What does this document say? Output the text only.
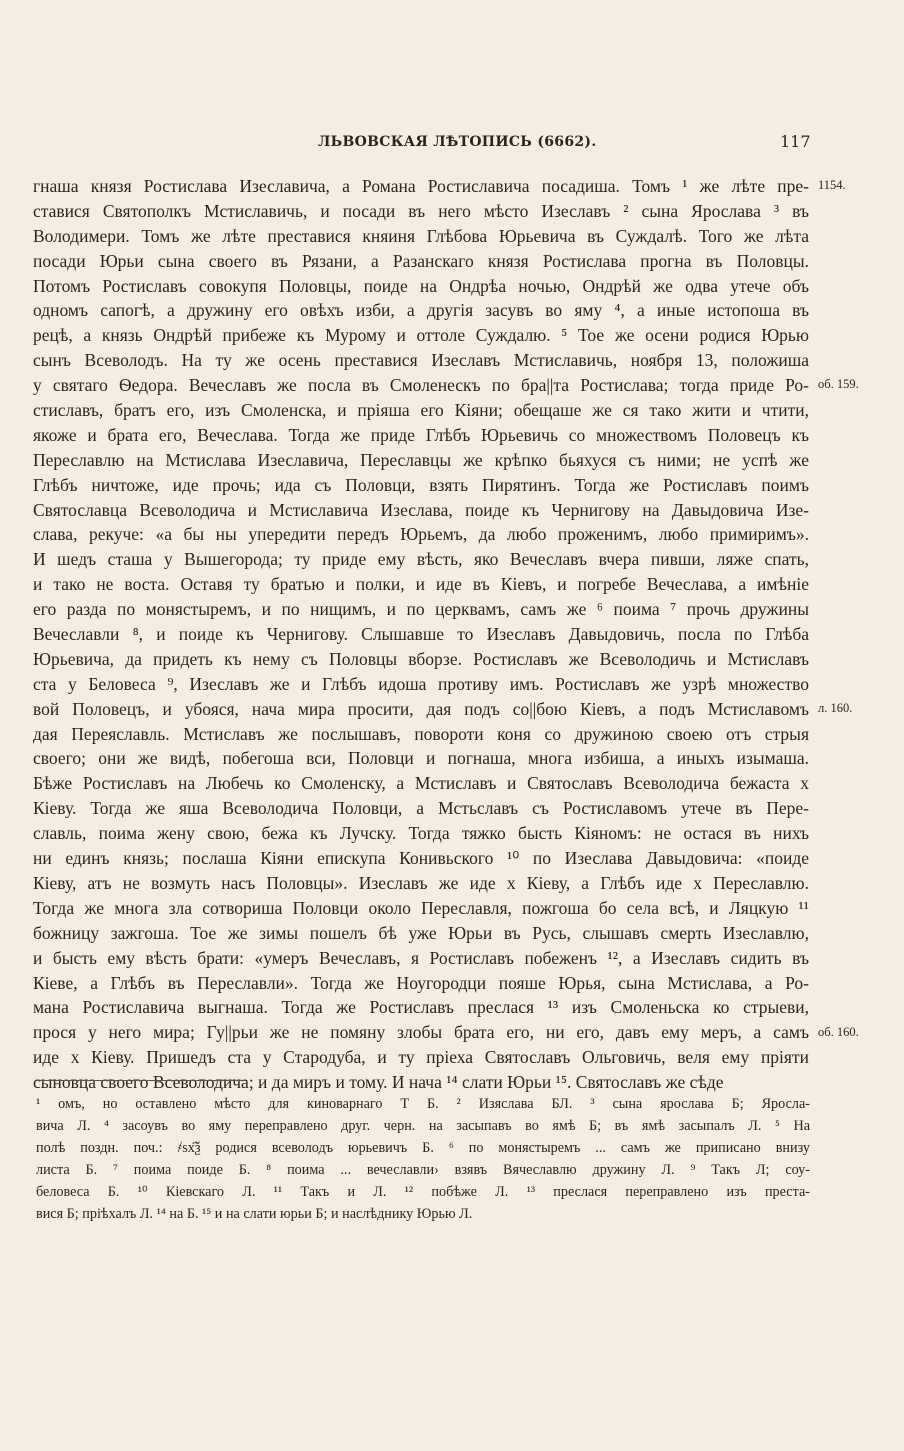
ЛЬВОВСКАЯ ЛѢТОПИСЬ (6662).	117
гнаша князя Ростислава Изеславича, а Романа Ростиславича посадиша. Томъ ¹ же лѣте пре-
ставися Святополкъ Мстиславичь, и посади въ него мѣсто Изеславъ ² сына Ярослава ³ въ
Володимери. Томъ же лѣте преставися княиня Глѣбова Юрьевича въ Суждалѣ. Того же лѣта
посади Юрьи сына своего въ Рязани, а Разанскаго князя Ростислава прогна въ Половцы.
Потомъ Ростиславъ совокупя Половцы, поиде на Ондрѣа ночью, Ондрѣй же одва утече объ
одномъ сапогѣ, а дружину его овѣхъ изби, а другія засувъ во яму ⁴, а иные истопоша въ
рецѣ, а князь Ондрѣй прибеже къ Мурому и оттоле Суждалю. ⁵ Тое же осени родися Юрью
сынъ Всеволодъ. На ту же осень преставися Изеславъ Мстиславичь, ноября 13, положиша
у святаго Ѳедора. Вечеславъ же посла въ Смоленескъ по бра||та Ростислава; тогда приде Ро-
стиславъ, братъ его, изъ Смоленска, и пріяша его Кіяни; обещаше же ся тако жити и чтити,
якоже и брата его, Вечеслава. Тогда же приде Глѣбъ Юрьевичь со множествомъ Половецъ къ
Переславлю на Мстислава Изеславича, Переславцы же крѣпко бьяхуся съ ними; не успѣ же
Глѣбъ ничтоже, иде прочь; ида съ Половци, взять Пирятинъ. Тогда же Ростиславъ поимъ
Святославца Всеволодича и Мстиславича Изеслава, поиде къ Чернигову на Давыдовича Изе-
слава, рекуче: «а бы ны упередити передъ Юрьемъ, да любо проженимъ, любо примиримъ».
И шедъ сташа у Вышегорода; ту приде ему вѣсть, яко Вечеславъ вчера пивши, ляже спать,
и тако не воста. Оставя ту братью и полки, и иде въ Кіевъ, и погребе Вечеслава, а имѣніе
его разда по монястыремъ, и по нищимъ, и по церквамъ, самъ же ⁶ поима ⁷ прочь дружины
Вечеславли ⁸, и поиде къ Чернигову. Слышавше то Изеславъ Давыдовичь, посла по Глѣба
Юрьевича, да придеть къ нему съ Половцы вборзе. Ростиславъ же Всеволодичь и Мстиславъ
ста у Беловеса ⁹, Изеславъ же и Глѣбъ идоша противу имъ. Ростиславъ же узрѣ множество
вой Половецъ, и убояся, нача мира просити, дая подъ со||бою Кіевъ, а подъ Мстиславомъ
дая Переяславль. Мстиславъ же послышавъ, повороти коня со дружиною своею отъ стрыя
своего; они же видѣ, побегоша вси, Половци и погнаша, многа избиша, а иныхъ изымаша.
Бѣже Ростиславъ на Любечь ко Смоленску, а Мстиславъ и Святославъ Всеволодича бежаста х
Кіеву. Тогда же яша Всеволодича Половци, а Мстьславъ съ Ростиславомъ утече въ Пере-
славль, поима жену свою, бежа къ Лучску. Тогда тяжко бысть Кіяномъ: не остася въ нихъ
ни единъ князь; послаша Кіяни епискупа Конивьского ¹⁰ по Изеслава Давыдовича: «поиде
Кіеву, атъ не возмуть насъ Половцы». Изеславъ же иде х Кіеву, а Глѣбъ иде х Переславлю.
Тогда же многа зла сотвориша Половци около Переславля, пожгоша бо села всѣ, и Ляцкую ¹¹
божницу зажгоша. Тое же зимы пошелъ бѣ уже Юрьи въ Русь, слышавъ смерть Изеславлю,
и бысть ему вѣсть брати: «умеръ Вечеславъ, я Ростиславъ побеженъ ¹², а Изеславъ сидить въ
Кіеве, а Глѣбъ въ Переславли». Тогда же Ноугородци пояше Юрья, сына Мстислава, а Ро-
мана Ростиславича выгнаша. Тогда же Ростиславъ преслася ¹³ изъ Смоленьска ко стрыеви,
прося у него мира; Гу||рьи же не помяну злобы брата его, ни его, давъ ему меръ, а самъ
иде х Кіеву. Пришедъ ста у Стародуба, и ту пріеха Святославъ Ольговичь, веля ему пріяти
сыновца своего Всеволодича; и да миръ и тому. И нача ¹⁴ слати Юрьи ¹⁵. Святославъ же сѣде
1154.
об. 159.
л. 160.
об. 160.
¹ омъ, но оставлено мѣсто для киноварнаго Т Б. ² Изяслава БЛ. ³ сына ярослава Б; Яросла-
вича Л. ⁴ засоувъ во яму переправлено друг. черн. на засыпавъ во ямѣ Б; въ ямѣ засыпалъ Л. ⁵ На
полѣ поздн. поч.: ҂ѕх҃ѯ родися всеволодъ юрьевичъ Б. ⁶ по монястыремъ ... самъ же приписано внизу
листа Б. ⁷ поима поиде Б. ⁸ поима ... вечеславли› взявъ Вячеславлю дружину Л. ⁹ Такъ Л; соу-
беловеса Б. ¹⁰ Кіевскаго Л. ¹¹ Такъ и Л. ¹² побѣже Л. ¹³ преслася переправлено изъ преста-
вися Б; пріѣхалъ Л. ¹⁴ на Б. ¹⁵ и на слати юрьи Б; и наслѣднику Юрью Л.
